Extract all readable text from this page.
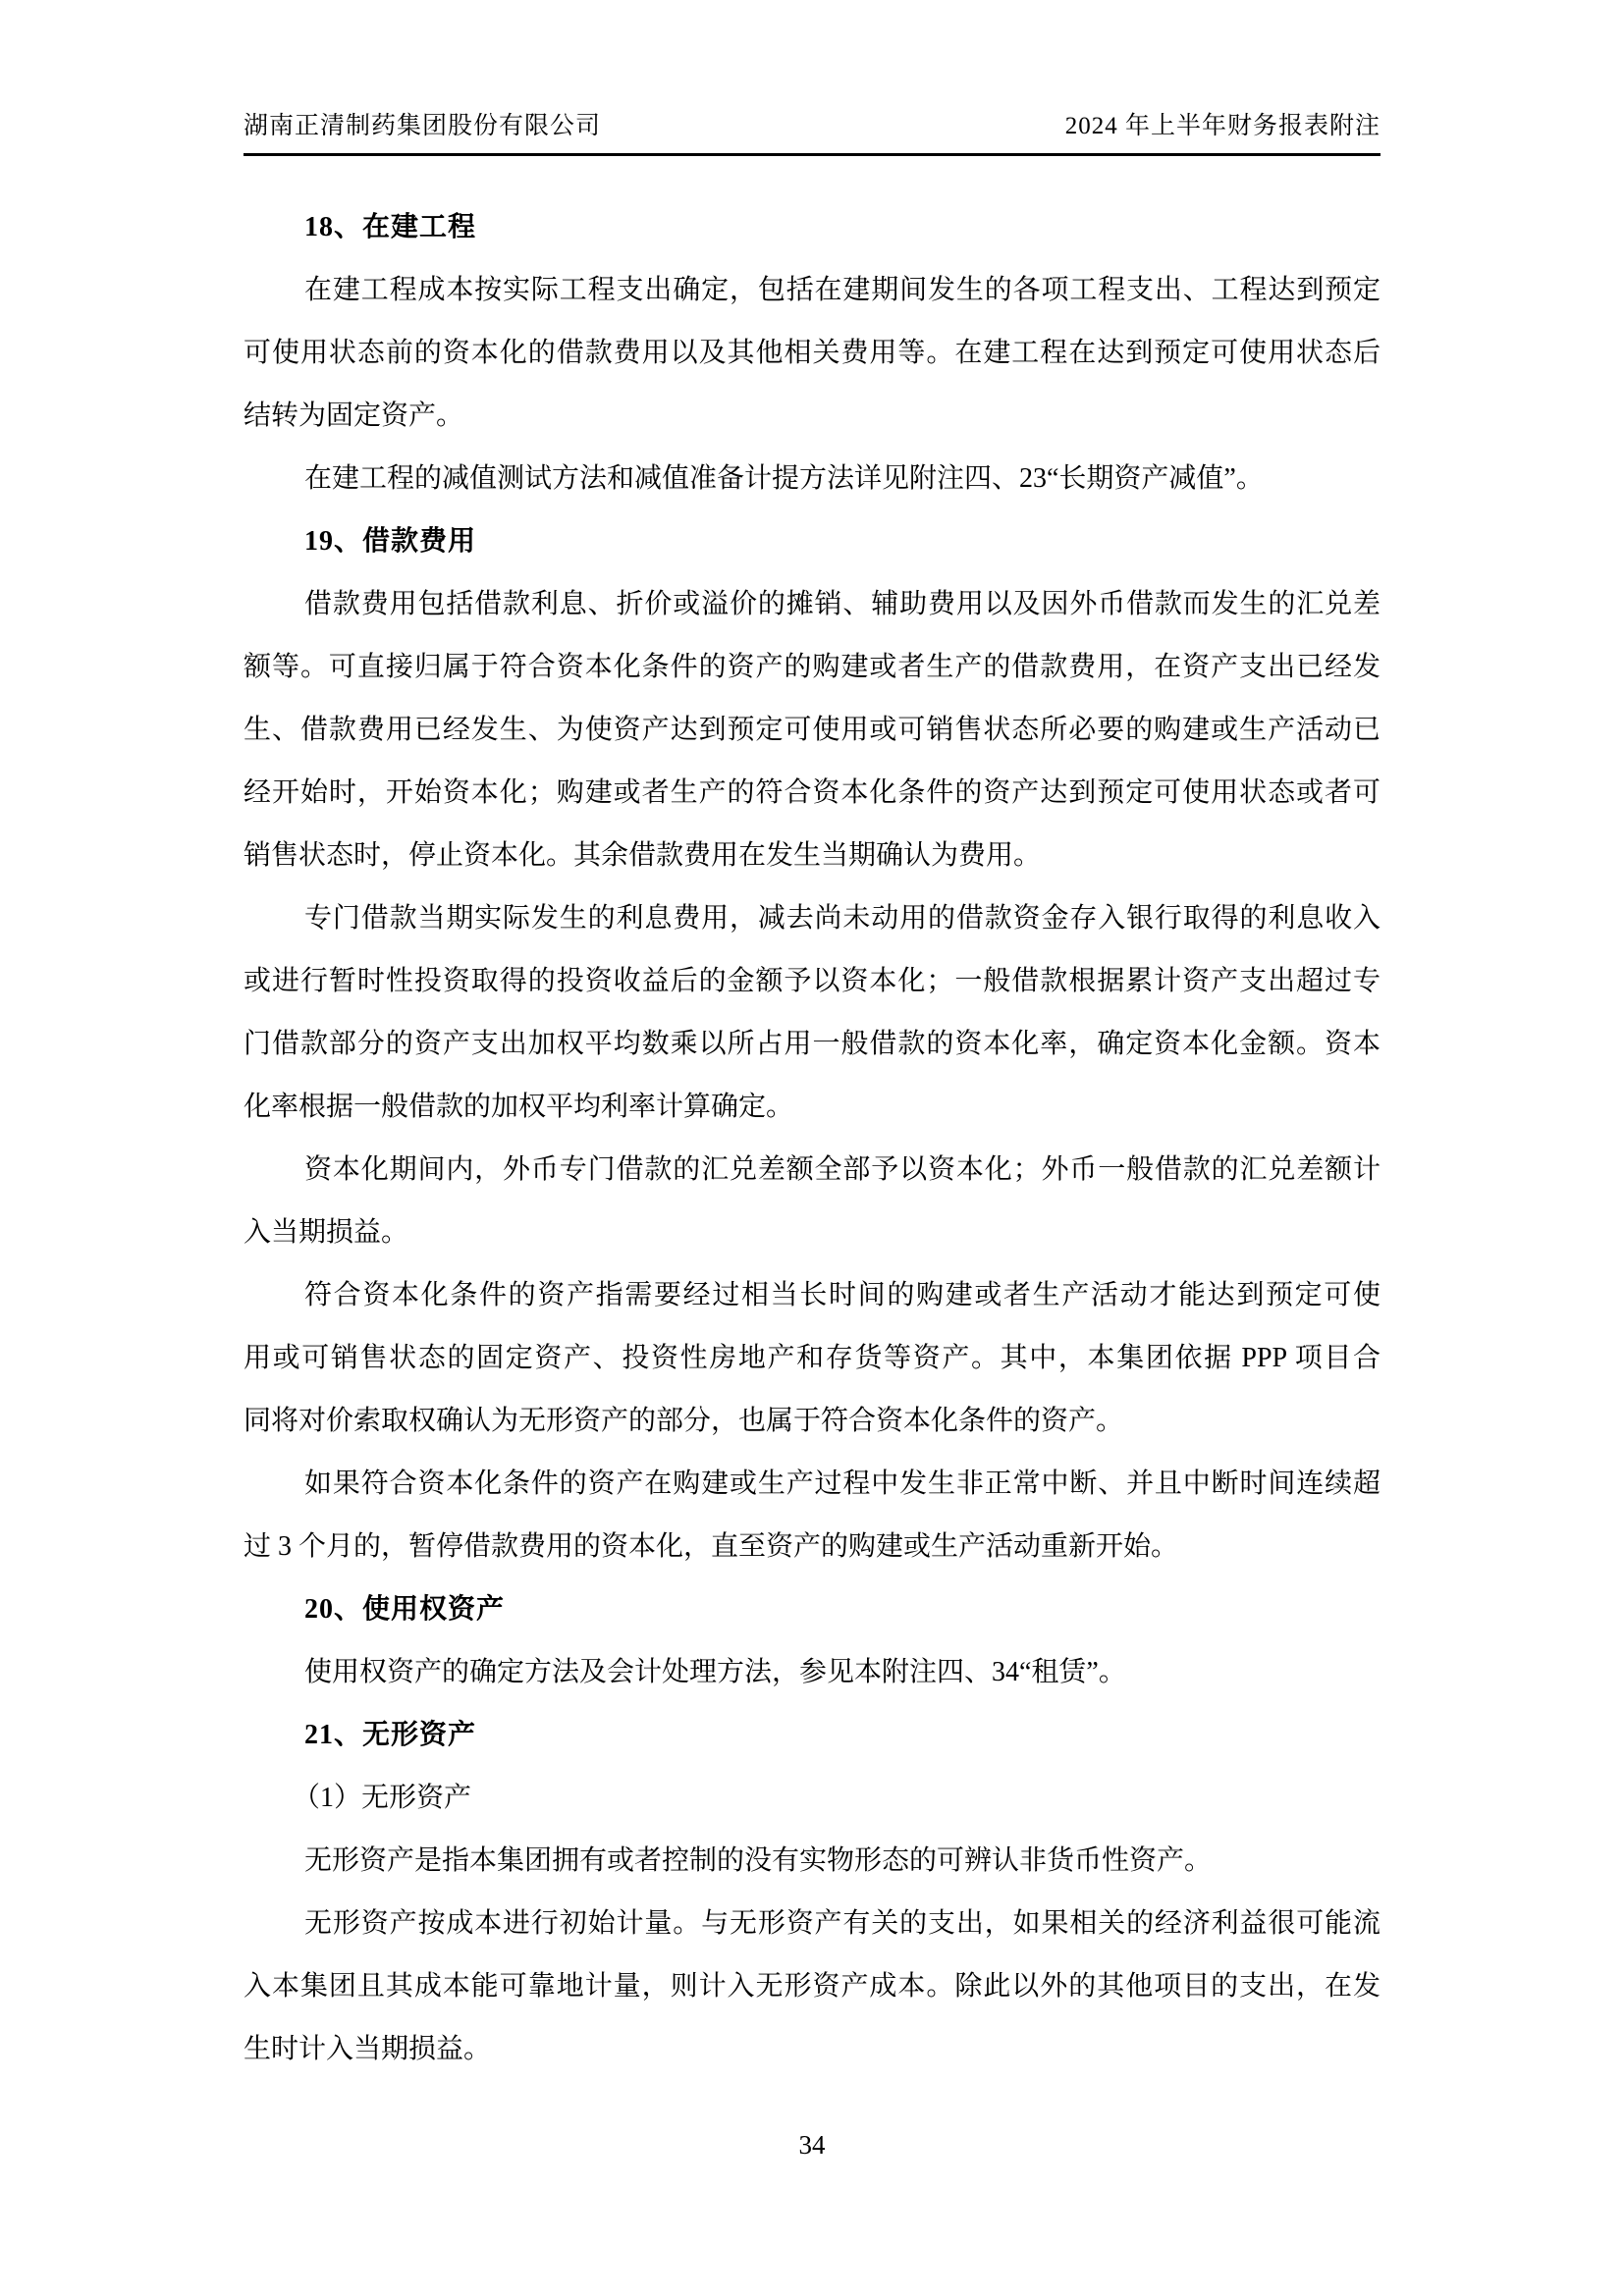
湖南正清制药集团股份有限公司	2024 年上半年财务报表附注
18、在建工程
在建工程成本按实际工程支出确定，包括在建期间发生的各项工程支出、工程达到预定
可使用状态前的资本化的借款费用以及其他相关费用等。在建工程在达到预定可使用状态后
结转为固定资产。
在建工程的减值测试方法和减值准备计提方法详见附注四、23“长期资产减值”。
19、借款费用
借款费用包括借款利息、折价或溢价的摊销、辅助费用以及因外币借款而发生的汇兑差
额等。可直接归属于符合资本化条件的资产的购建或者生产的借款费用，在资产支出已经发
生、借款费用已经发生、为使资产达到预定可使用或可销售状态所必要的购建或生产活动已
经开始时，开始资本化；购建或者生产的符合资本化条件的资产达到预定可使用状态或者可
销售状态时，停止资本化。其余借款费用在发生当期确认为费用。
专门借款当期实际发生的利息费用，减去尚未动用的借款资金存入银行取得的利息收入
或进行暂时性投资取得的投资收益后的金额予以资本化；一般借款根据累计资产支出超过专
门借款部分的资产支出加权平均数乘以所占用一般借款的资本化率，确定资本化金额。资本
化率根据一般借款的加权平均利率计算确定。
资本化期间内，外币专门借款的汇兑差额全部予以资本化；外币一般借款的汇兑差额计
入当期损益。
符合资本化条件的资产指需要经过相当长时间的购建或者生产活动才能达到预定可使
用或可销售状态的固定资产、投资性房地产和存货等资产。其中，本集团依据 PPP 项目合
同将对价索取权确认为无形资产的部分，也属于符合资本化条件的资产。
如果符合资本化条件的资产在购建或生产过程中发生非正常中断、并且中断时间连续超
过 3 个月的，暂停借款费用的资本化，直至资产的购建或生产活动重新开始。
20、使用权资产
使用权资产的确定方法及会计处理方法，参见本附注四、34“租赁”。
21、无形资产
（1）无形资产
无形资产是指本集团拥有或者控制的没有实物形态的可辨认非货币性资产。
无形资产按成本进行初始计量。与无形资产有关的支出，如果相关的经济利益很可能流
入本集团且其成本能可靠地计量，则计入无形资产成本。除此以外的其他项目的支出，在发
生时计入当期损益。
34
